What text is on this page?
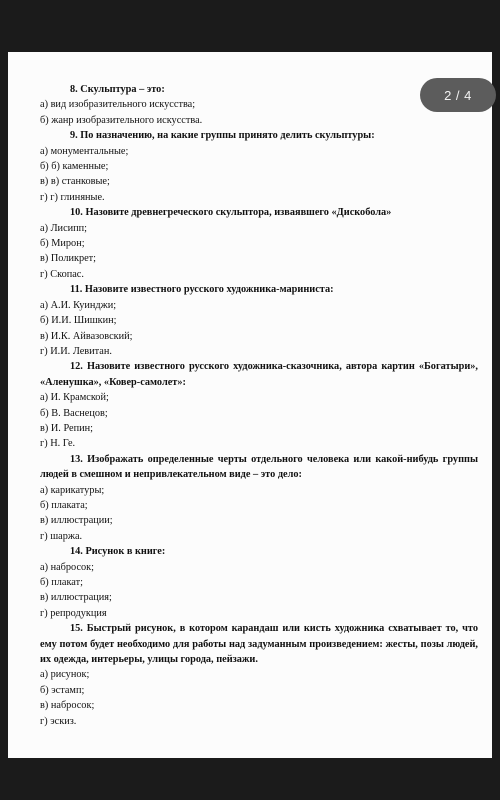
8. Скульптура – это:
а) вид изобразительного искусства;
б) жанр изобразительного искусства.
9. По назначению, на какие группы принято делить скульптуры:
а) монументальные;
б) б) каменные;
в) в) станковые;
г) г) глиняные.
10. Назовите древнегреческого скульптора, изваявшего «Дискобола»
а) Лисипп;
б) Мирон;
в) Поликрет;
г) Скопас.
11. Назовите известного русского художника-мариниста:
а) А.И. Куинджи;
б) И.И. Шишкин;
в) И.К. Айвазовский;
г) И.И. Левитан.
12. Назовите известного русского художника-сказочника, автора картин «Богатыри», «Аленушка», «Ковер-самолет»:
а) И. Крамской;
б) В. Васнецов;
в) И. Репин;
г) Н. Ге.
13. Изображать определенные черты отдельного человека или какой-нибудь группы людей в смешном и непривлекательном виде – это дело:
а) карикатуры;
б) плаката;
в) иллюстрации;
г) шаржа.
14. Рисунок в книге:
а) набросок;
б) плакат;
в) иллюстрация;
г) репродукция
15. Быстрый рисунок, в котором карандаш или кисть художника схватывает то, что ему потом будет необходимо для работы над задуманным произведением: жесты, позы людей, их одежда, интерьеры, улицы города, пейзажи.
а) рисунок;
б) эстамп;
в) набросок;
г) эскиз.
2 / 4
